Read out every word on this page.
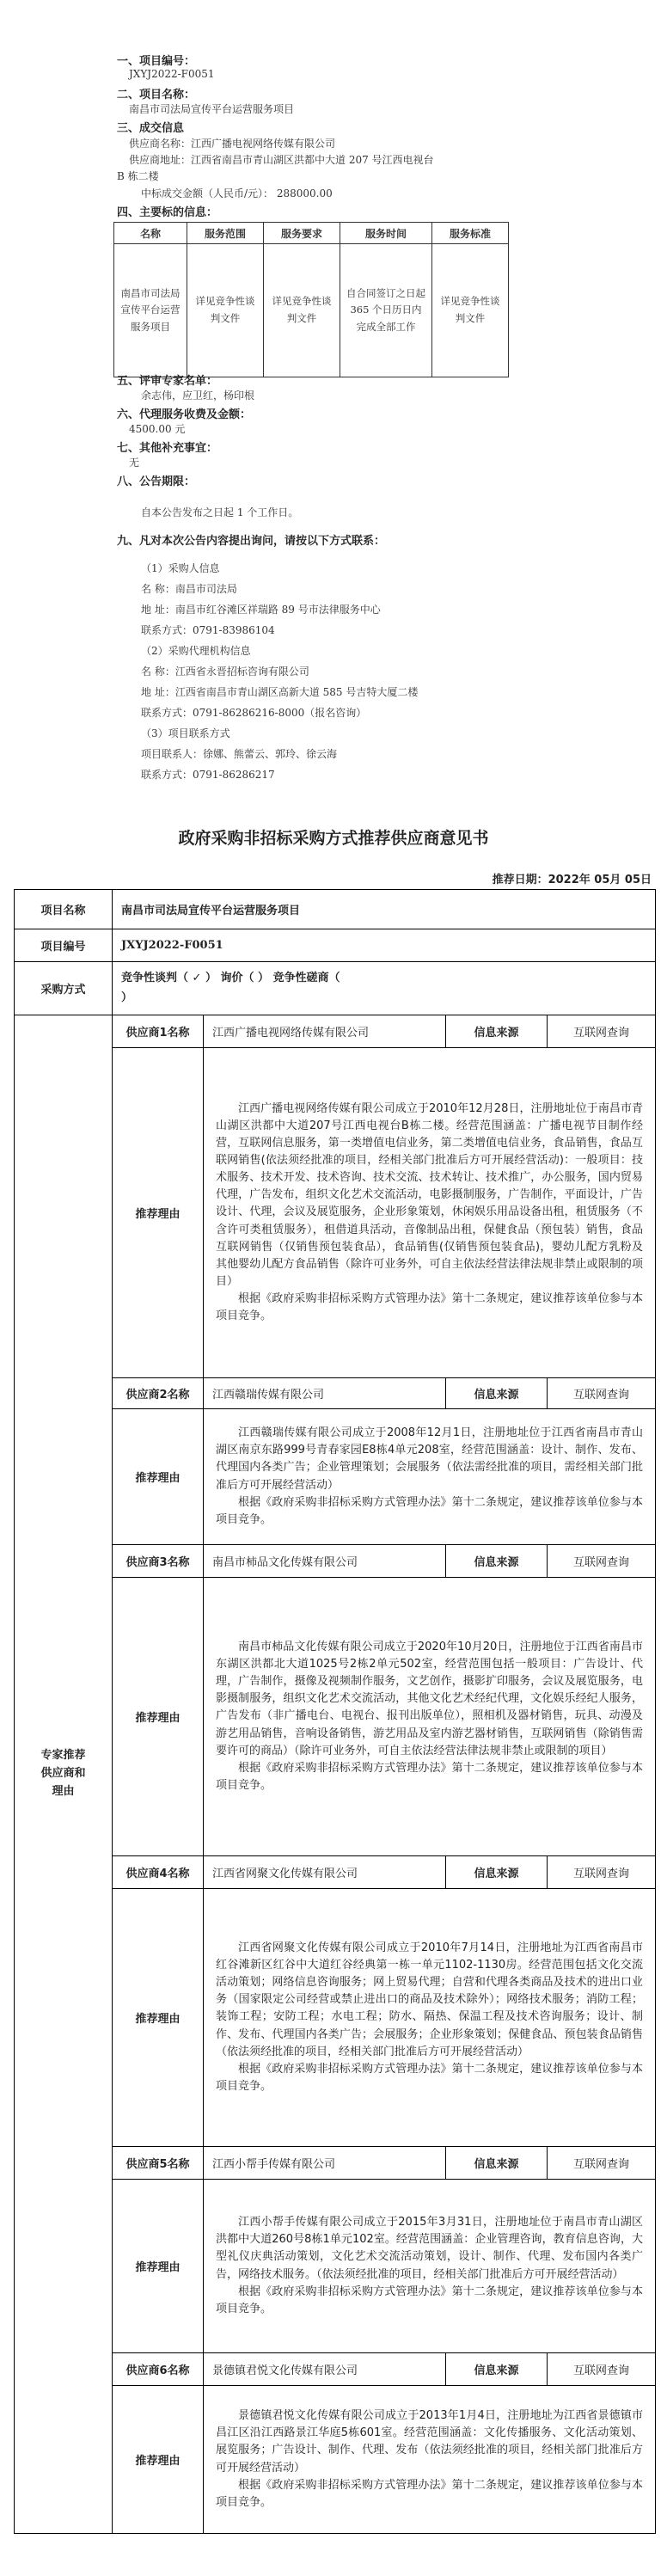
一、项目编号：
JXYJ2022-F0051
二、项目名称：
南昌市司法局宣传平台运营服务项目
三、成交信息
供应商名称：江西广播电视网络传媒有限公司
供应商地址：江西省南昌市青山湖区洪都中大道 207 号江西电视台
B 栋二楼
中标成交金额（人民币/元）： 288000.00
四、主要标的信息：
名称	服务范围	服务要求	服务时间	服务标准
南昌市司法局宣传平台运营服务项目	详见竞争性谈判文件	详见竞争性谈判文件	自合同签订之日起 365 个日历日内完成全部工作	详见竞争性谈判文件
五、评审专家名单：
余志伟，应卫红，杨印根
六、代理服务收费及金额：
4500.00 元
七、其他补充事宜：
无
八、公告期限：
自本公告发布之日起 1 个工作日。
九、凡对本次公告内容提出询问，请按以下方式联系：
（1）采购人信息
名 称：南昌市司法局
地 址：南昌市红谷滩区祥瑞路 89 号市法律服务中心
联系方式：0791-83986104
（2）采购代理机构信息
名 称：江西省永晋招标咨询有限公司
地 址：江西省南昌市青山湖区高新大道 585 号吉特大厦二楼
联系方式：0791-86286216-8000（报名咨询）
（3）项目联系方式
项目联系人：徐娜、熊蕾云、郭玲、徐云海
联系方式：0791-86286217
政府采购非招标采购方式推荐供应商意见书
推荐日期：2022年 05月 05日
项目名称	南昌市司法局宣传平台运营服务项目			
项目编号	JXYJ2022-F0051			
采购方式	竞争性谈判（ ✓ ） 询价（ ） 竞争性磋商（
）			

专家推荐供应商和理由	供应商1名称	江西广播电视网络传媒有限公司	信息来源	互联网查询
	推荐理由	江西广播电视网络传媒有限公司成立于2010年12月28日，注册地址位于南昌市青山湖区洪都中大道207号江西电视台B栋二楼。经营范围涵盖：广播电视节目制作经营，互联网信息服务，第一类增值电信业务，第二类增值电信业务，食品销售，食品互联网销售(依法须经批准的项目，经相关部门批准后方可开展经营活动)：一般项目：技术服务、技术开发、技术咨询、技术交流、技术转让、技术推广，办公服务，国内贸易代理，广告发布，组织文化艺术交流活动，电影摄制服务，广告制作，平面设计，广告设计、代理，会议及展览服务，企业形象策划，休闲娱乐用品设备出租，租赁服务（不含许可类租赁服务），租借道具活动，音像制品出租，保健食品（预包装）销售，食品互联网销售（仅销售预包装食品），食品销售(仅销售预包装食品)，婴幼儿配方乳粉及其他婴幼儿配方食品销售（除许可业务外，可自主依法经营法律法规非禁止或限制的项目）

根据《政府采购非招标采购方式管理办法》第十二条规定，建议推荐该单位参与本项目竞争。		

	供应商2名称	江西赣瑞传媒有限公司	信息来源	互联网查询
	推荐理由	江西赣瑞传媒有限公司成立于2008年12月1日，注册地址位于江西省南昌市青山湖区南京东路999号青春家园E8栋4单元208室，经营范围涵盖：设计、制作、发布、代理国内各类广告；企业管理策划；会展服务（依法需经批准的项目，需经相关部门批准后方可开展经营活动）

根据《政府采购非招标采购方式管理办法》第十二条规定，建议推荐该单位参与本项目竞争。		

	供应商3名称	南昌市柿品文化传媒有限公司	信息来源	互联网查询
	推荐理由	南昌市柿品文化传媒有限公司成立于2020年10月20日，注册地位于江西省南昌市东湖区洪都北大道1025号2栋2单元502室，经营范围包括一般项目：广告设计、代理，广告制作，摄像及视频制作服务，文艺创作，摄影扩印服务，会议及展览服务，电影摄制服务，组织文化艺术交流活动，其他文化艺术经纪代理，文化娱乐经纪人服务，广告发布（非广播电台、电视台、报刊出版单位），照相机及器材销售，玩具、动漫及游艺用品销售，音响设备销售，游艺用品及室内游艺器材销售，互联网销售（除销售需要许可的商品）（除许可业务外，可自主依法经营法律法规非禁止或限制的项目）

根据《政府采购非招标采购方式管理办法》第十二条规定，建议推荐该单位参与本项目竞争。		

	供应商4名称	江西省网聚文化传媒有限公司	信息来源	互联网查询
	推荐理由	江西省网聚文化传媒有限公司成立于2010年7月14日，注册地址为江西省南昌市红谷滩新区红谷中大道红谷经典第一栋一单元1102-1130房。经营范围包括文化交流活动策划；网络信息咨询服务；网上贸易代理；自营和代理各类商品及技术的进出口业务（国家限定公司经营或禁止进出口的商品及技术除外）；网络技术服务；消防工程；装饰工程；安防工程；水电工程；防水、隔热、保温工程及技术咨询服务；设计、制作、发布、代理国内各类广告；会展服务；企业形象策划；保健食品、预包装食品销售（依法须经批准的项目，经相关部门批准后方可开展经营活动）

根据《政府采购非招标采购方式管理办法》第十二条规定，建议推荐该单位参与本项目竞争。		

	供应商5名称	江西小帮手传媒有限公司	信息来源	互联网查询
	推荐理由	江西小帮手传媒有限公司成立于2015年3月31日，注册地址位于南昌市青山湖区洪都中大道260号8栋1单元102室。经营范围涵盖：企业管理咨询，教育信息咨询，大型礼仪庆典活动策划，文化艺术交流活动策划，设计、制作、代理、发布国内各类广告，网络技术服务。（依法须经批准的项目，经相关部门批准后方可开展经营活动）

根据《政府采购非招标采购方式管理办法》第十二条规定，建议推荐该单位参与本项目竞争。		

	供应商6名称	景德镇君悦文化传媒有限公司	信息来源	互联网查询
	推荐理由	景德镇君悦文化传媒有限公司成立于2013年1月4日，注册地址为江西省景德镇市昌江区沿江西路景江华庭5栋601室。经营范围涵盖：文化传播服务、文化活动策划、展览服务；广告设计、制作、代理、发布（依法须经批准的项目，经相关部门批准后方可开展经营活动）

根据《政府采购非招标采购方式管理办法》第十二条规定，建议推荐该单位参与本项目竞争。		
